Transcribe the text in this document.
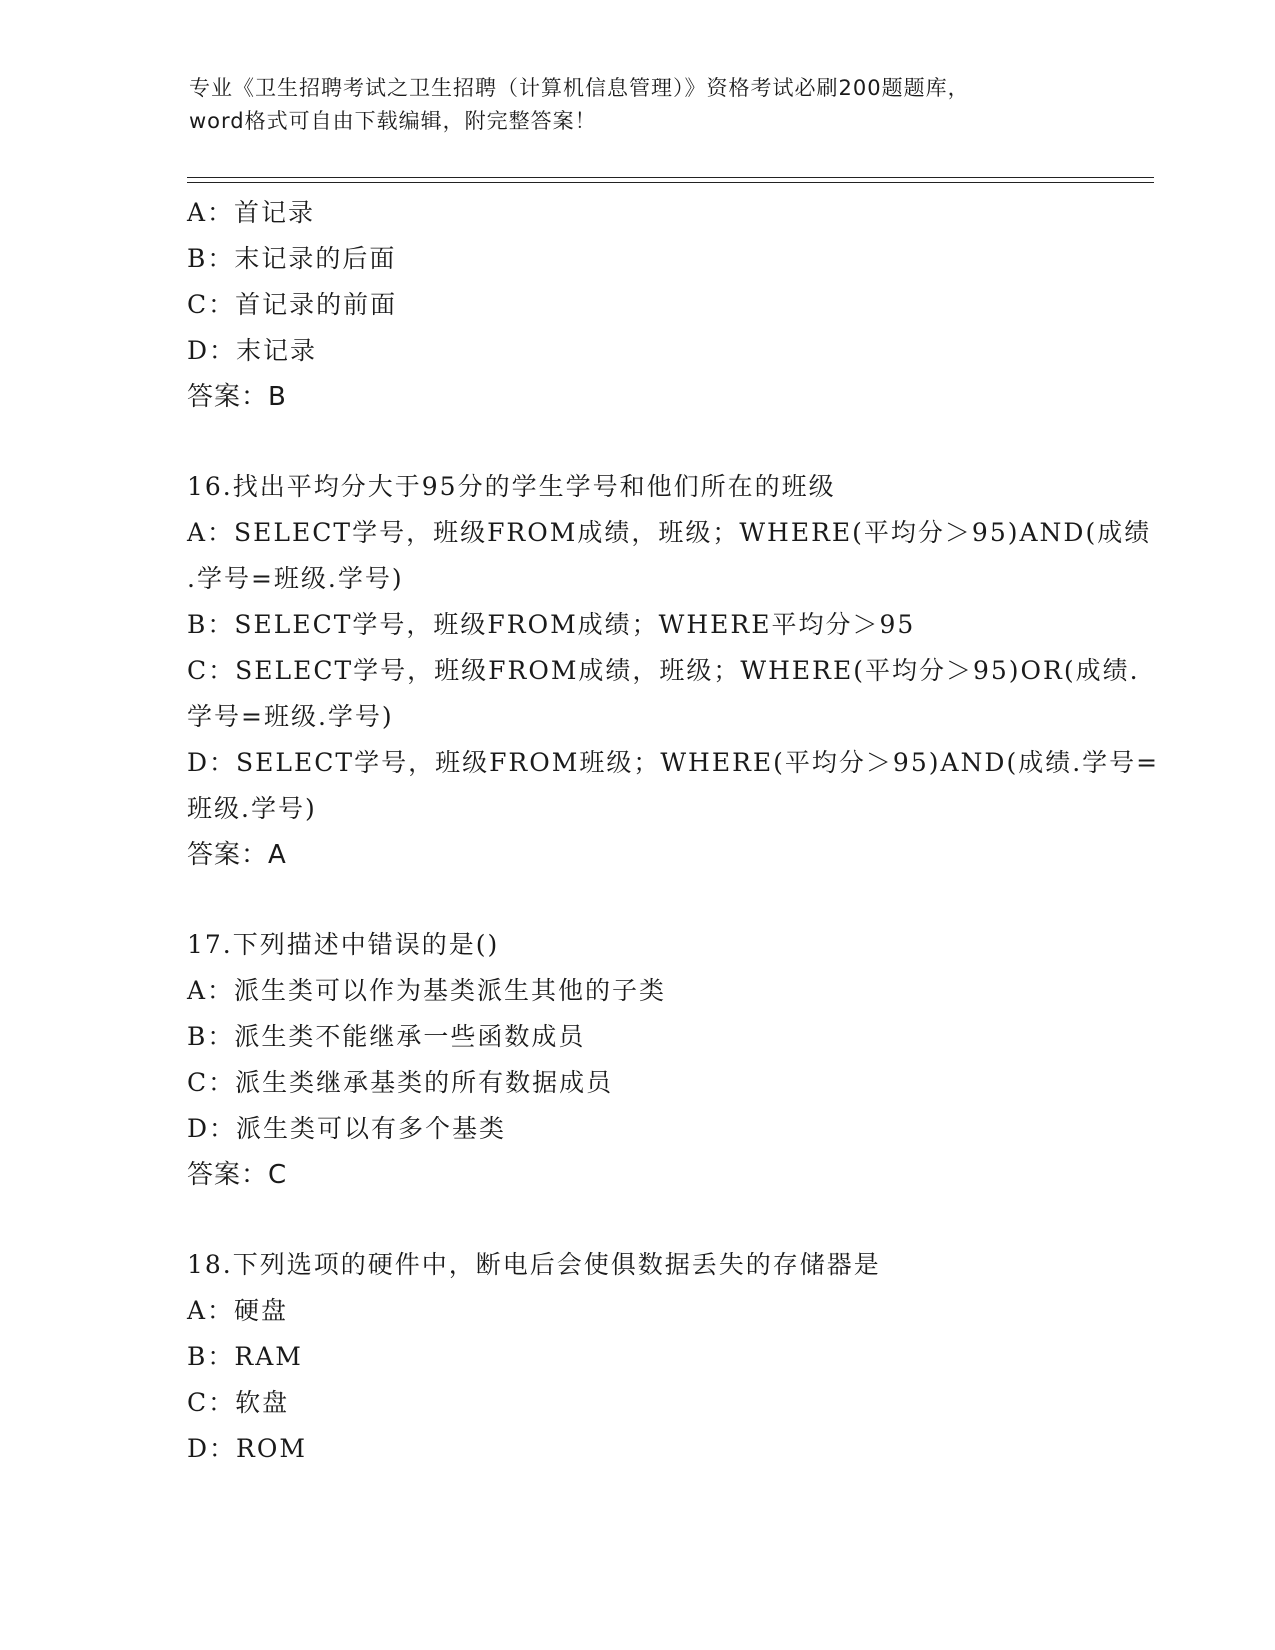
专业《卫生招聘考试之卫生招聘（计算机信息管理）》资格考试必刷200题题库，
word格式可自由下载编辑，附完整答案！
A：首记录
B：末记录的后面
C：首记录的前面
D：末记录
答案：B
16.找出平均分大于95分的学生学号和他们所在的班级
A：SELECT学号，班级FROM成绩，班级；WHERE(平均分＞95)AND(成绩
.学号=班级.学号)
B：SELECT学号，班级FROM成绩；WHERE平均分＞95
C：SELECT学号，班级FROM成绩，班级；WHERE(平均分＞95)OR(成绩.
学号=班级.学号)
D：SELECT学号，班级FROM班级；WHERE(平均分＞95)AND(成绩.学号=
班级.学号)
答案：A
17.下列描述中错误的是()
A：派生类可以作为基类派生其他的子类
B：派生类不能继承一些函数成员
C：派生类继承基类的所有数据成员
D：派生类可以有多个基类
答案：C
18.下列选项的硬件中，断电后会使俱数据丢失的存储器是
A：硬盘
B：RAM
C：软盘
D：ROM
